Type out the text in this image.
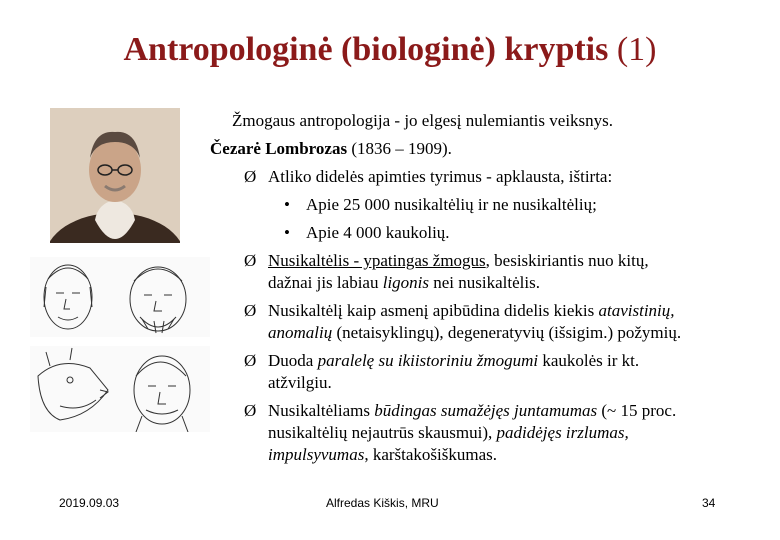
Antropologinė (biologinė) kryptis (1)
Žmogaus antropologija - jo elgesį nulemiantis veiksnys.
Čezarė Lombrozas (1836 – 1909).
Ø Atliko didelės apimties tyrimus - apklausta, ištirta:
• Apie 25 000 nusikaltėlių ir ne nusikaltėlių;
• Apie 4 000 kaukolių.
Ø Nusikaltėlis - ypatingas žmogus, besiskiriantis nuo kitų,
dažnai jis labiau ligonis nei nusikaltėlis.
Ø Nusikaltėlį kaip asmenį apibūdina didelis kiekis atavistinių,
anomalių (netaisyklingų), degeneratyvių (išsigim.) požymių.
Ø Duoda paralelę su ikiistoriniu žmogumi kaukolės ir kt.
atžvilgiu.
Ø Nusikaltėliams būdingas sumažėjęs juntamumas (~ 15 proc.
nusikaltėlių nejautrūs skausmui), padidėjęs irzlumas,
impulsyvumas, karštakošiškumas.
2019.09.03	Alfredas Kiškis, MRU	34
